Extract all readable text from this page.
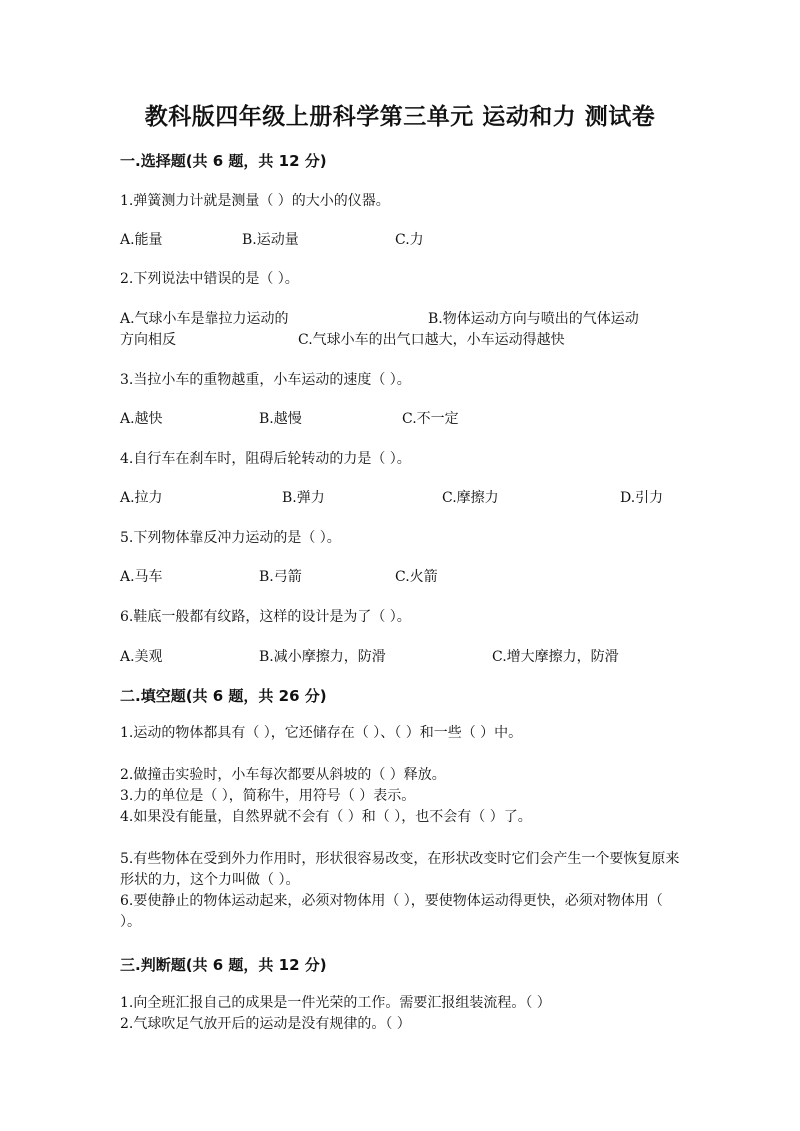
教科版四年级上册科学第三单元 运动和力 测试卷
一.选择题(共 6 题，共 12 分)
1.弹簧测力计就是测量（ ）的大小的仪器。
A.能量	B.运动量	C.力
2.下列说法中错误的是（ ）。
A.气球小车是靠拉力运动的	B.物体运动方向与喷出的气体运动
方向相反	C.气球小车的出气口越大，小车运动得越快
3.当拉小车的重物越重，小车运动的速度（ ）。
A.越快	B.越慢	C.不一定
4.自行车在刹车时，阻碍后轮转动的力是（ ）。
A.拉力	B.弹力	C.摩擦力	D.引力
5.下列物体靠反冲力运动的是（ ）。
A.马车	B.弓箭	C.火箭
6.鞋底一般都有纹路，这样的设计是为了（ ）。
A.美观	B.减小摩擦力，防滑	C.增大摩擦力，防滑
二.填空题(共 6 题，共 26 分)
1.运动的物体都具有（ ），它还储存在（ ）、（ ）和一些（ ）中。
2.做撞击实验时，小车每次都要从斜坡的（ ）释放。
3.力的单位是（ ），简称牛，用符号（ ）表示。
4.如果没有能量，自然界就不会有（ ）和（ ），也不会有（ ）了。
5.有些物体在受到外力作用时，形状很容易改变，在形状改变时它们会产生一个要恢复原来形状的力，这个力叫做（ ）。
6.要使静止的物体运动起来，必须对物体用（ ），要使物体运动得更快，必须对物体用（ ）。
三.判断题(共 6 题，共 12 分)
1.向全班汇报自己的成果是一件光荣的工作。需要汇报组装流程。（ ）
2.气球吹足气放开后的运动是没有规律的。（ ）
